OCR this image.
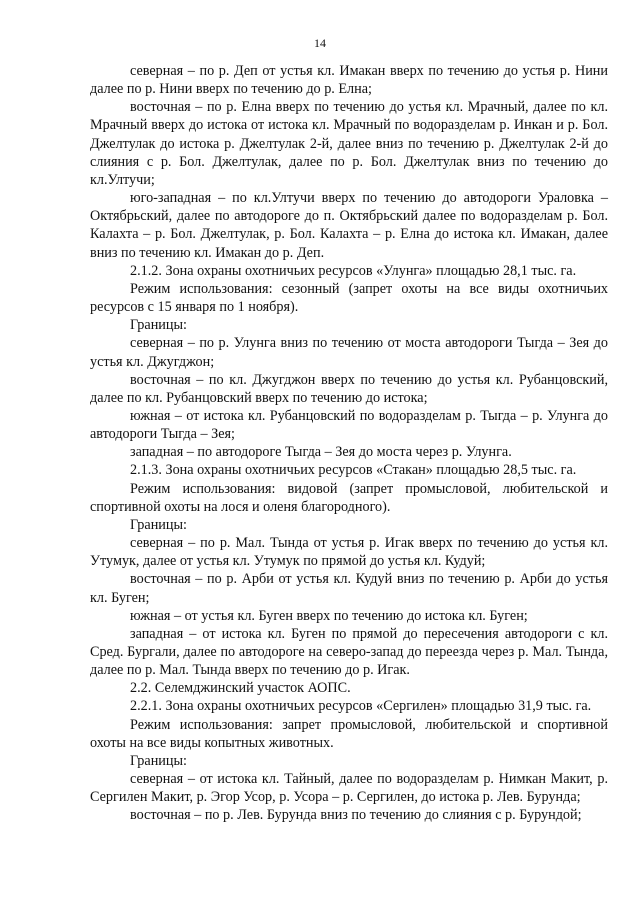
14

северная – по р. Деп от устья кл. Имакан вверх по течению до устья р. Нини далее по р. Нини вверх по течению до р. Елна;

восточная – по р. Елна вверх по течению до устья кл. Мрачный, далее по кл. Мрачный вверх до истока от истока кл. Мрачный по водоразделам р. Инкан и р. Бол. Джелтулак до истока р. Джелтулак 2-й, далее вниз по течению р. Джелтулак 2-й до слияния с р. Бол. Джелтулак, далее по р. Бол. Джелтулак вниз по течению до кл.Ултучи;

юго-западная – по кл.Ултучи вверх по течению до автодороги Урaловка – Октябрьский, далее по автодороге до п. Октябрьский далее по водоразделам р. Бол. Калахта – р. Бол. Джелтулак, р. Бол. Калахта – р. Елна до истока кл. Имакан, далее вниз по течению кл. Имакан до р. Деп.

2.1.2. Зона охраны охотничьих ресурсов «Улунга» площадью 28,1 тыс. га.

Режим использования: сезонный (запрет охоты на все виды охотничьих ресурсов с 15 января по 1 ноября).

Границы:

северная – по р. Улунга вниз по течению от моста автодороги Тыгда – Зея до устья кл. Джугджон;

восточная – по кл. Джугджон вверх по течению до устья кл. Рубанцовский, далее по кл. Рубанцовский вверх по течению до истока;

южная – от истока кл. Рубанцовский по водоразделам р. Тыгда – р. Улунга до автодороги Тыгда – Зея;

западная – по автодороге Тыгда – Зея до моста через р. Улунга.

2.1.3. Зона охраны охотничьих ресурсов «Стакан» площадью 28,5 тыс. га.

Режим использования: видовой (запрет промысловой, любительской и спортивной охоты на лося и оленя благородного).

Границы:

северная – по р. Мал. Тында от устья р. Игак вверх по течению до устья кл. Утумук, далее от устья кл. Утумук по прямой до устья кл. Кудуй;

восточная – по р. Арби от устья кл. Кудуй вниз по течению р. Арби до устья кл. Буген;

южная – от устья кл. Буген вверх по течению до истока кл. Буген;

западная – от истока кл. Буген по прямой до пересечения автодороги с кл. Сред. Бургали, далее по автодороге на северо-запад до переезда через р. Мал. Тында, далее по р. Мал. Тында вверх по течению до р. Игак.

2.2. Селемджинский участок АОПС.

2.2.1. Зона охраны охотничьих ресурсов «Сергилен» площадью 31,9 тыс. га.

Режим использования: запрет промысловой, любительской и спортивной охоты на все виды копытных животных.

Границы:

северная – от истока кл. Тайный, далее по водоразделам р. Нимкан Макит, р. Сергилен Макит, р. Эгор Усор, р. Усора – р. Сергилен, до истока р. Лев. Бурунда;

восточная – по р. Лев. Бурунда вниз по течению до слияния с р. Бурундой;
